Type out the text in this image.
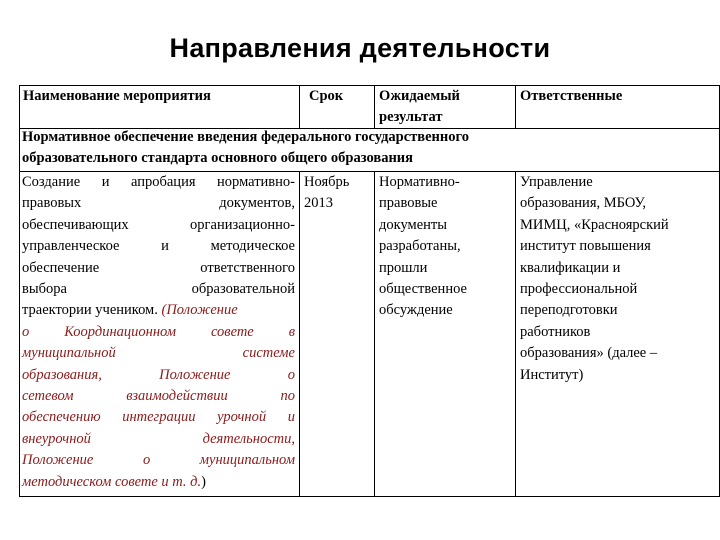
Направления деятельности
Наименование мероприятия	Срок	Ожидаемый
результат
Ответственные
Нормативное обеспечение введения федерального государственного
образовательного стандарта основного общего образования
Создание и апробация нормативно-
правовых документов,
обеспечивающих организационно-
управленческое и методическое
обеспечение ответственного
выбора образовательной
траектории учеником. (Положение
о Координационном совете в
муниципальной системе
образования, Положение о
сетевом взаимодействии по
обеспечению интеграции урочной и
внеурочной деятельности,
Положение о муниципальном
методическом совете и т. д.)
Ноябрь
2013
Нормативно-
правовые
документы
разработаны,
прошли
общественное
обсуждение
Управление
образования, МБОУ,
МИМЦ, «Красноярский
институт повышения
квалификации и
профессиональной
переподготовки
работников
образования» (далее –
Институт)
